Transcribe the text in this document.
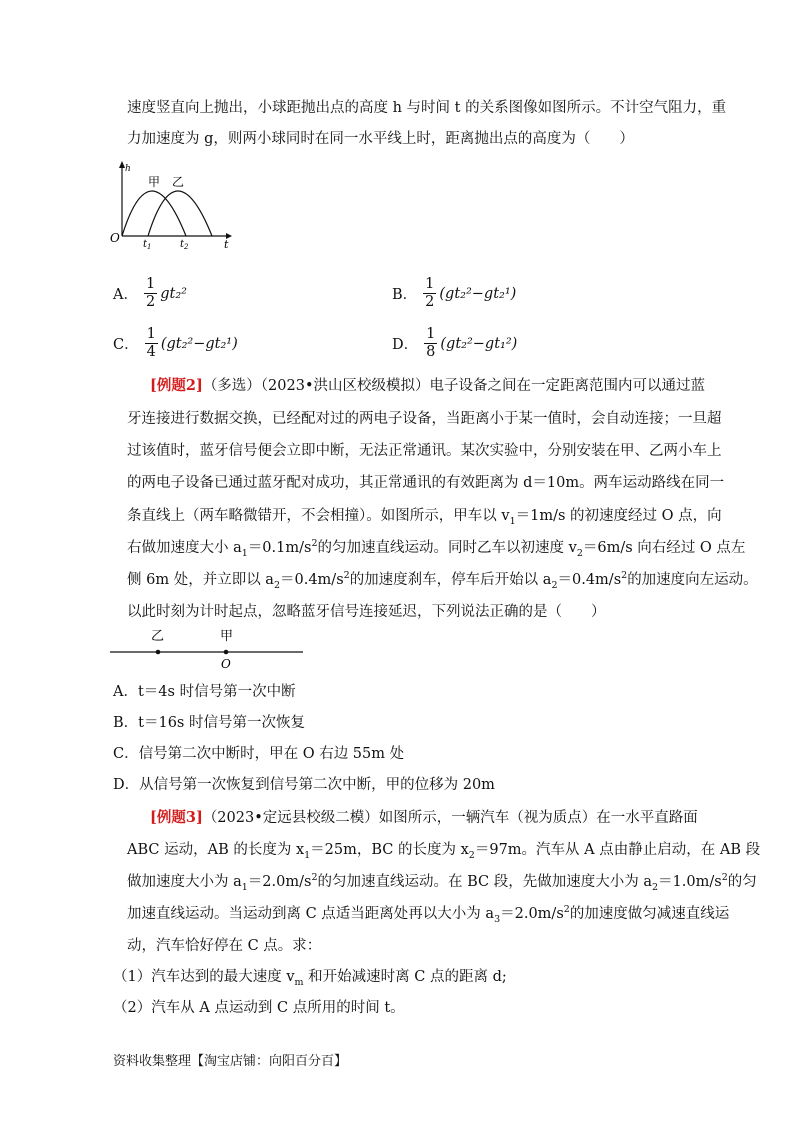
速度竖直向上抛出，小球距抛出点的高度 h 与时间 t 的关系图像如图所示。不计空气阻力，重
力加速度为 g，则两小球同时在同一水平线上时，距离抛出点的高度为（　　）
h
O	t
甲 乙
$t_1$	$t_2$
A． $\frac{1}{2} gt_2^2$	B． $\frac{1}{2} (gt_2^2-gt_2^1)$
C． $\frac{1}{4} (gt_2^2-gt_2^1)$	D． $\frac{1}{8} (gt_2^2-gt_1^2)$
[例题2]（多选）（2023•洪山区校级模拟）电子设备之间在一定距离范围内可以通过蓝
牙连接进行数据交换，已经配对过的两电子设备，当距离小于某一值时，会自动连接；一旦超
过该值时，蓝牙信号便会立即中断，无法正常通讯。某次实验中，分别安装在甲、乙两小车上
的两电子设备已通过蓝牙配对成功，其正常通讯的有效距离为 d＝10m。两车运动路线在同一
条直线上（两车略微错开，不会相撞）。如图所示，甲车以 $v_1=1m/s$ 的初速度经过 O 点，向
右做加速度大小 $a_1=0.1m/s^2$的匀加速直线运动。同时乙车以初速度 $v_2=6m/s$ 向右经过 O 点左
侧 6m 处，并立即以 $a_2=0.4m/s^2$的加速度刹车，停车后开始以 $a_2=0.4m/s^2$的加速度向左运动。
以此时刻为计时起点，忽略蓝牙信号连接延迟，下列说法正确的是（　　）
乙	甲
O
A．t＝4s 时信号第一次中断
B．t＝16s 时信号第一次恢复
C．信号第二次中断时，甲在 O 右边 55m 处
D．从信号第一次恢复到信号第二次中断，甲的位移为 20m
[例题3]（2023•定远县校级二模）如图所示，一辆汽车（视为质点）在一水平直路面
ABC 运动，AB 的长度为 $x_1=25m$，BC 的长度为 $x_2=97m$。汽车从 A 点由静止启动，在 AB 段
做加速度大小为 $a_1=2.0m/s^2$的匀加速直线运动。在 BC 段，先做加速度大小为 $a_2=1.0m/s^2$的匀
加速直线运动。当运动到离 C 点适当距离处再以大小为 $a_3=2.0m/s^2$的加速度做匀减速直线运
动，汽车恰好停在 C 点。求：
（1）汽车达到的最大速度 $v_m$ 和开始减速时离 C 点的距离 d;
（2）汽车从 A 点运动到 C 点所用的时间 t。
资料收集整理【淘宝店铺：向阳百分百】
